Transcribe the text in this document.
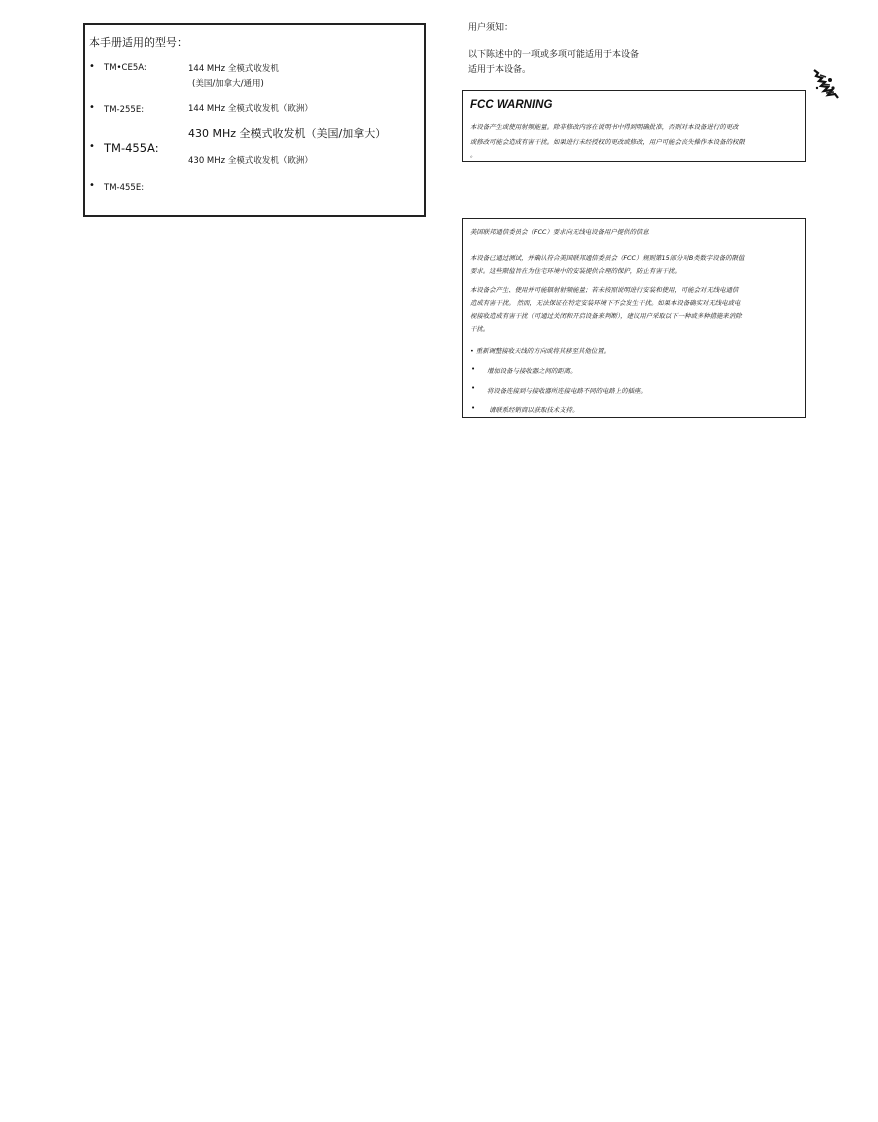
本手册适用的型号：
• TM•CE5A:	144 MHz 全模式收发机
(美国/加拿大/通用)
• TM-255E:	144 MHz 全模式收发机（欧洲）
430 MHz 全模式收发机（美国/加拿大）
• TM-455A:
430 MHz 全模式收发机（欧洲）
• TM-455E:
用户须知：
以下陈述中的一项或多项可能适用于本设备
适用于本设备。
FCC WARNING
本设备产生或使用射频能量。除非修改内容在说明书中得到明确批准，否则对本设备进行的更改
或修改可能会造成有害干扰。如果进行未经授权的更改或修改，用户可能会丧失操作本设备的权限
。
美国联邦通信委员会（FCC）要求向无线电设备用户提供的信息
本设备已通过测试，并确认符合美国联邦通信委员会（FCC）规则第15部分对B类数字设备的限值
要求。这些限值旨在为住宅环境中的安装提供合理的保护，防止有害干扰。
本设备会产生、使用并可能辐射射频能量；若未按照说明进行安装和使用，可能会对无线电通信
造成有害干扰。 然而，无法保证在特定安装环境下不会发生干扰。如果本设备确实对无线电或电
视接收造成有害干扰（可通过关闭和开启设备来判断），建议用户采取以下一种或多种措施来消除
干扰。
• 重新调整接收天线的方向或将其移至其他位置。
• 增加设备与接收器之间的距离。
• 将设备连接到与接收器所连接电路不同的电路上的插座。
• 请联系经销商以获取技术支持。
